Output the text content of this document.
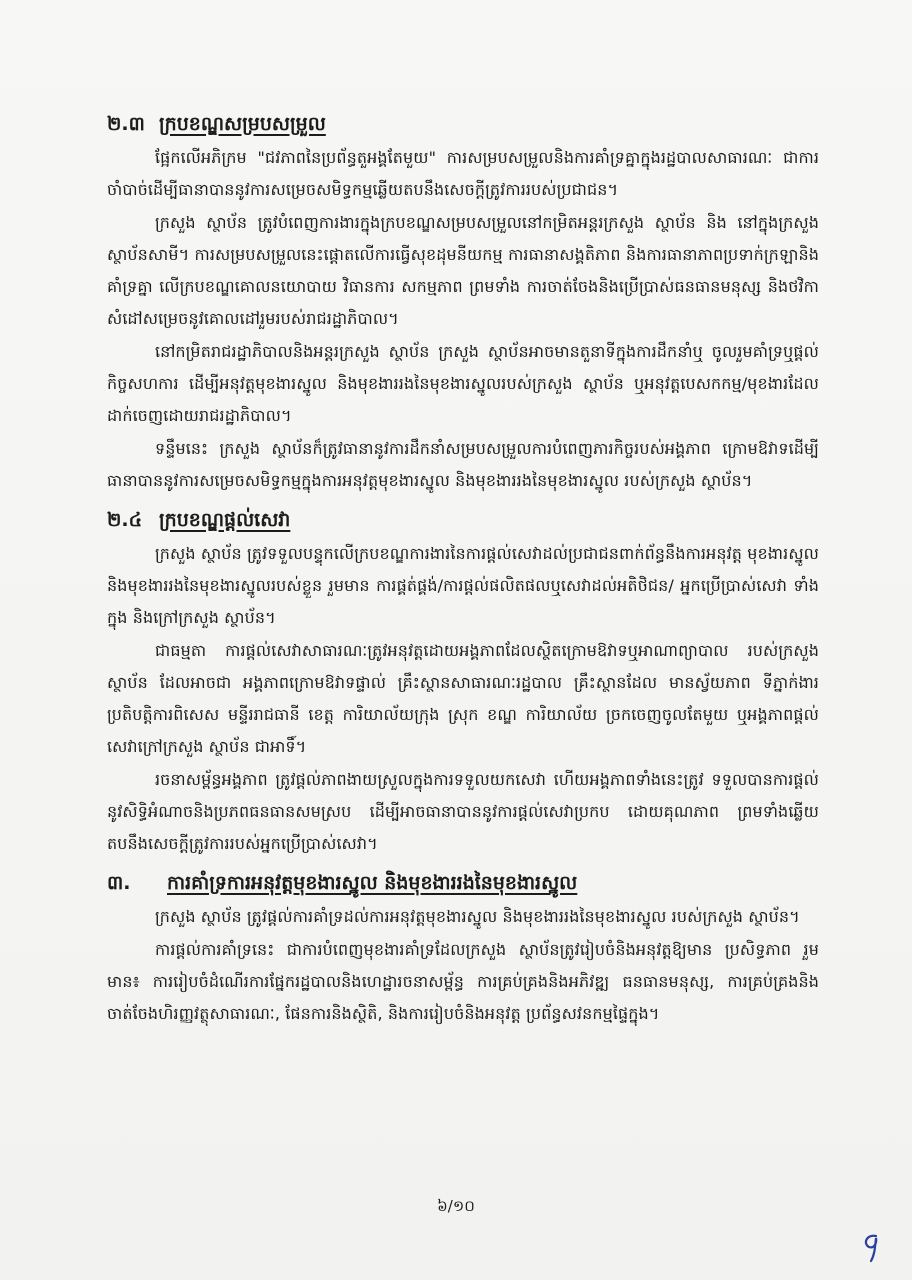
២.៣ ក្របខណ្ឌសម្របសម្រួល

ផ្អែកលើអភិក្រម "ជវភាពនៃប្រព័ន្ធតួអង្គតែមួយ" ការសម្របសម្រួលនិងការគាំទ្រគ្នាក្នុងរដ្ឋបាលសាធារណៈ ជាការចាំបាច់ដើម្បីធានាបាននូវការសម្រេចសមិទ្ធកម្មឆ្លើយតបនឹងសេចក្ដីត្រូវការរបស់ប្រជាជន។

ក្រសួង ស្ថាប័ន ត្រូវបំពេញការងារក្នុងក្របខណ្ឌសម្របសម្រួលនៅកម្រិតអន្តរក្រសួង ស្ថាប័ន និង នៅក្នុងក្រសួង ស្ថាប័នសាមី។ ការសម្របសម្រួលនេះផ្ដោតលើការធ្វើសុខដុមនីយកម្ម ការធានាសង្គតិភាព និងការធានាភាពប្រទាក់ក្រឡានិងគាំទ្រគ្នា លើក្របខណ្ឌគោលនយោបាយ វិធានការ សកម្មភាព ព្រមទាំង ការចាត់ចែងនិងប្រើប្រាស់ធនធានមនុស្ស និងថវិកា សំដៅសម្រេចនូវគោលដៅរួមរបស់រាជរដ្ឋាភិបាល។

នៅកម្រិតរាជរដ្ឋាភិបាលនិងអន្តរក្រសួង ស្ថាប័ន ក្រសួង ស្ថាប័នអាចមានតួនាទីក្នុងការដឹកនាំឬ ចូលរួមគាំទ្រឬផ្ដល់កិច្ចសហការ ដើម្បីអនុវត្តមុខងារស្នូល និងមុខងាររងនៃមុខងារស្នូលរបស់ក្រសួង ស្ថាប័ន ឬអនុវត្តបេសកកម្ម/មុខងារដែលដាក់ចេញដោយរាជរដ្ឋាភិបាល។

ទន្ទឹមនេះ ក្រសួង ស្ថាប័នក៏ត្រូវធានានូវការដឹកនាំសម្របសម្រួលការបំពេញភារកិច្ចរបស់អង្គភាព ក្រោមឱវាទដើម្បីធានាបាននូវការសម្រេចសមិទ្ធកម្មក្នុងការអនុវត្តមុខងារស្នូល និងមុខងាររងនៃមុខងារស្នូល របស់ក្រសួង ស្ថាប័ន។

២.៤ ក្របខណ្ឌផ្ដល់សេវា

ក្រសួង ស្ថាប័ន ត្រូវទទួលបន្ទុកលើក្របខណ្ឌការងារនៃការផ្ដល់សេវាដល់ប្រជាជនពាក់ព័ន្ធនឹងការអនុវត្ត មុខងារស្នូល និងមុខងាររងនៃមុខងារស្នូលរបស់ខ្លួន រួមមាន ការផ្គត់ផ្គង់/ការផ្ដល់ផលិតផលឬសេវាដល់អតិថិជន/ អ្នកប្រើប្រាស់សេវា ទាំងក្នុង និងក្រៅក្រសួង ស្ថាប័ន។

ជាធម្មតា ការផ្ដល់សេវាសាធារណៈត្រូវអនុវត្តដោយអង្គភាពដែលស្ថិតក្រោមឱវាទឬអាណាព្យាបាល របស់ក្រសួង ស្ថាប័ន ដែលអាចជា អង្គភាពក្រោមឱវាទផ្ទាល់ គ្រឹះស្ថានសាធារណៈរដ្ឋបាល គ្រឹះស្ថានដែល មានស្វ័យភាព ទីភ្នាក់ងារប្រតិបត្តិការពិសេស មន្ទីររាជធានី ខេត្ត ការិយាល័យក្រុង ស្រុក ខណ្ឌ ការិយាល័យ ច្រកចេញចូលតែមួយ ឬអង្គភាពផ្ដល់សេវាក្រៅក្រសួង ស្ថាប័ន ជាអាទិ៍។

រចនាសម្ព័ន្ធអង្គភាព ត្រូវផ្ដល់ភាពងាយស្រួលក្នុងការទទួលយកសេវា ហើយអង្គភាពទាំងនេះត្រូវ ទទួលបានការផ្ដល់នូវសិទ្ធិអំណាចនិងប្រភពធនធានសមស្រប ដើម្បីអាចធានាបាននូវការផ្ដល់សេវាប្រកប ដោយគុណភាព ព្រមទាំងឆ្លើយតបនឹងសេចក្ដីត្រូវការរបស់អ្នកប្រើប្រាស់សេវា។

៣.	ការគាំទ្រការអនុវត្តមុខងារស្នូល និងមុខងាររងនៃមុខងារស្នូល

ក្រសួង ស្ថាប័ន ត្រូវផ្ដល់ការគាំទ្រដល់ការអនុវត្តមុខងារស្នូល និងមុខងាររងនៃមុខងារស្នូល របស់ក្រសួង ស្ថាប័ន។

ការផ្ដល់ការគាំទ្រនេះ ជាការបំពេញមុខងារគាំទ្រដែលក្រសួង ស្ថាប័នត្រូវរៀបចំនិងអនុវត្តឱ្យមាន ប្រសិទ្ធភាព រួមមាន៖ ការរៀបចំដំណើរការផ្នែករដ្ឋបាលនិងហេដ្ឋារចនាសម្ព័ន្ធ ការគ្រប់គ្រងនិងអភិវឌ្ឍ ធនធានមនុស្ស, ការគ្រប់គ្រងនិងចាត់ចែងហិរញ្ញវត្ថុសាធារណៈ, ផែនការនិងស្ថិតិ, និងការរៀបចំនិងអនុវត្ត ប្រព័ន្ធសវនកម្មផ្ទៃក្នុង។

៦/១០
